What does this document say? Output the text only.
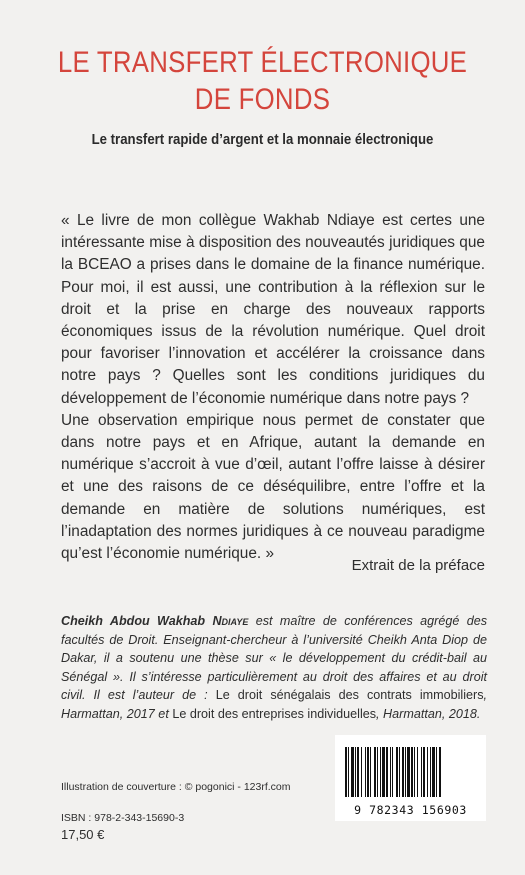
LE TRANSFERT ÉLECTRONIQUE
DE FONDS
Le transfert rapide d’argent et la monnaie électronique

« Le livre de mon collègue Wakhab Ndiaye est certes une intéressante mise à disposition des nouveautés juridiques que la BCEAO a prises dans le domaine de la finance numérique. Pour moi, il est aussi, une contribution à la réflexion sur le droit et la prise en charge des nouveaux rapports économiques issus de la révolution numérique. Quel droit pour favoriser l’innovation et accélérer la croissance dans notre pays ? Quelles sont les conditions juridiques du développement de l’économie numérique dans notre pays ?

Une observation empirique nous permet de constater que dans notre pays et en Afrique, autant la demande en numérique s’accroit à vue d’œil, autant l’offre laisse à désirer et une des raisons de ce déséquilibre, entre l’offre et la demande en matière de solutions numériques, est l’inadaptation des normes juridiques à ce nouveau paradigme qu’est l’économie numérique. »

Extrait de la préface
Cheikh Abdou Wakhab Ndiaye est maître de conférences agrégé des facultés de Droit. Enseignant-chercheur à l’université Cheikh Anta Diop de Dakar, il a soutenu une thèse sur « le développement du crédit-bail au Sénégal ». Il s’intéresse particulièrement au droit des affaires et au droit civil. Il est l’auteur de : Le droit sénégalais des contrats immobiliers, Harmattan, 2017 et Le droit des entreprises individuelles, Harmattan, 2018.
Illustration de couverture : © pogonici - 123rf.com
ISBN : 978-2-343-15690-3
17,50 €
9 782343 156903
